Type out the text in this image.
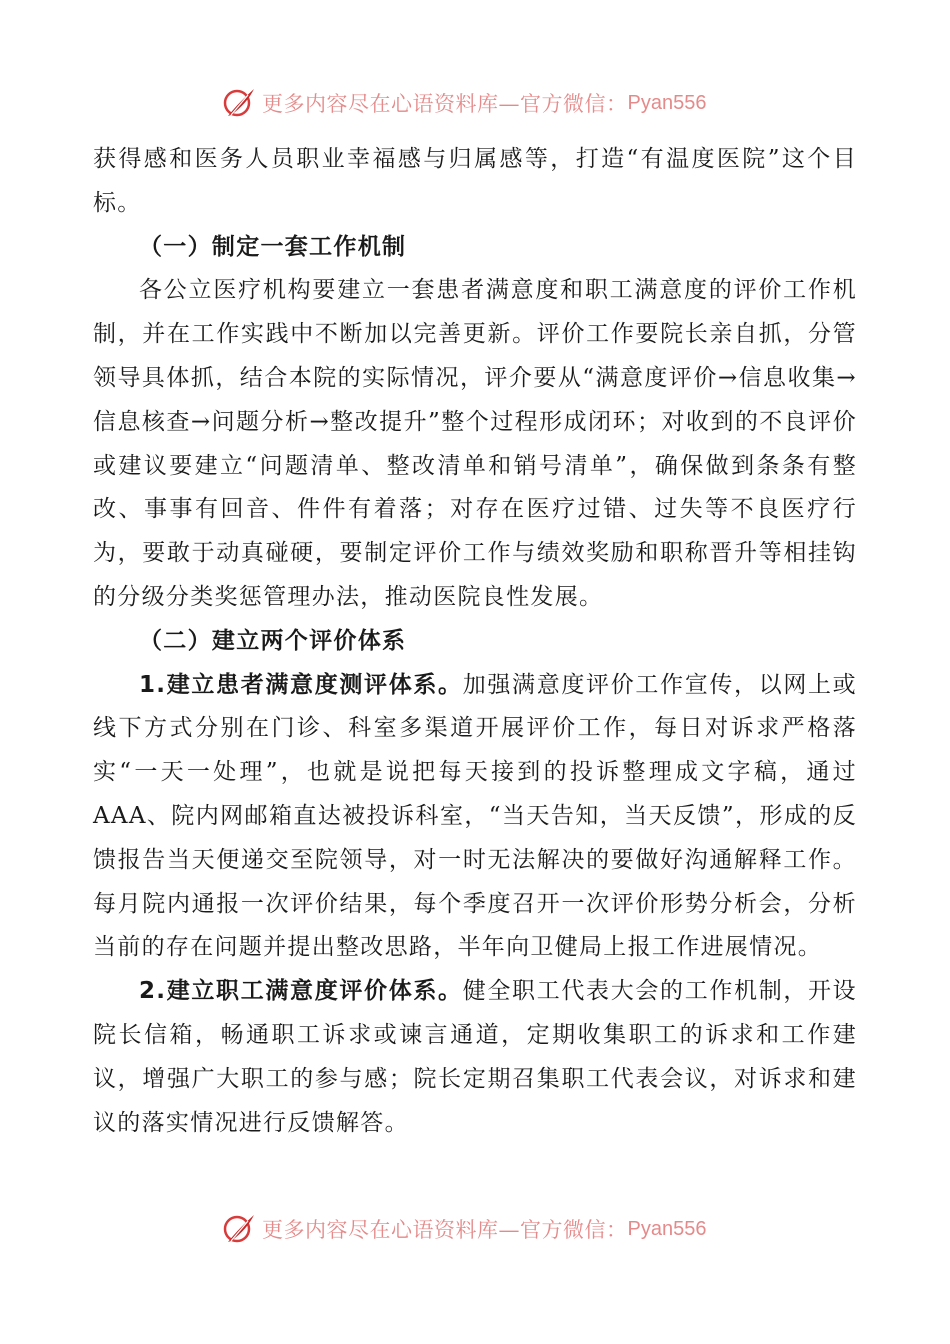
更多内容尽在心语资料库—官方微信： Pyan556

获得感和医务人员职业幸福感与归属感等，打造“有温度医院”这个目标。

（一）制定一套工作机制

各公立医疗机构要建立一套患者满意度和职工满意度的评价工作机制，并在工作实践中不断加以完善更新。评价工作要院长亲自抓，分管领导具体抓，结合本院的实际情况，评介要从“满意度评价→信息收集→信息核查→问题分析→整改提升”整个过程形成闭环；对收到的不良评价或建议要建立“问题清单、整改清单和销号清单”，确保做到条条有整改、事事有回音、件件有着落；对存在医疗过错、过失等不良医疗行为，要敢于动真碰硬，要制定评价工作与绩效奖励和职称晋升等相挂钩的分级分类奖惩管理办法，推动医院良性发展。

（二）建立两个评价体系

1.建立患者满意度测评体系。加强满意度评价工作宣传，以网上或线下方式分别在门诊、科室多渠道开展评价工作，每日对诉求严格落实“一天一处理”，也就是说把每天接到的投诉整理成文字稿，通过AAA、院内网邮箱直达被投诉科室，“当天告知，当天反馈”，形成的反馈报告当天便递交至院领导，对一时无法解决的要做好沟通解释工作。每月院内通报一次评价结果，每个季度召开一次评价形势分析会，分析当前的存在问题并提出整改思路，半年向卫健局上报工作进展情况。

2.建立职工满意度评价体系。健全职工代表大会的工作机制，开设院长信箱，畅通职工诉求或谏言通道，定期收集职工的诉求和工作建议，增强广大职工的参与感；院长定期召集职工代表会议，对诉求和建议的落实情况进行反馈解答。

更多内容尽在心语资料库—官方微信： Pyan556
